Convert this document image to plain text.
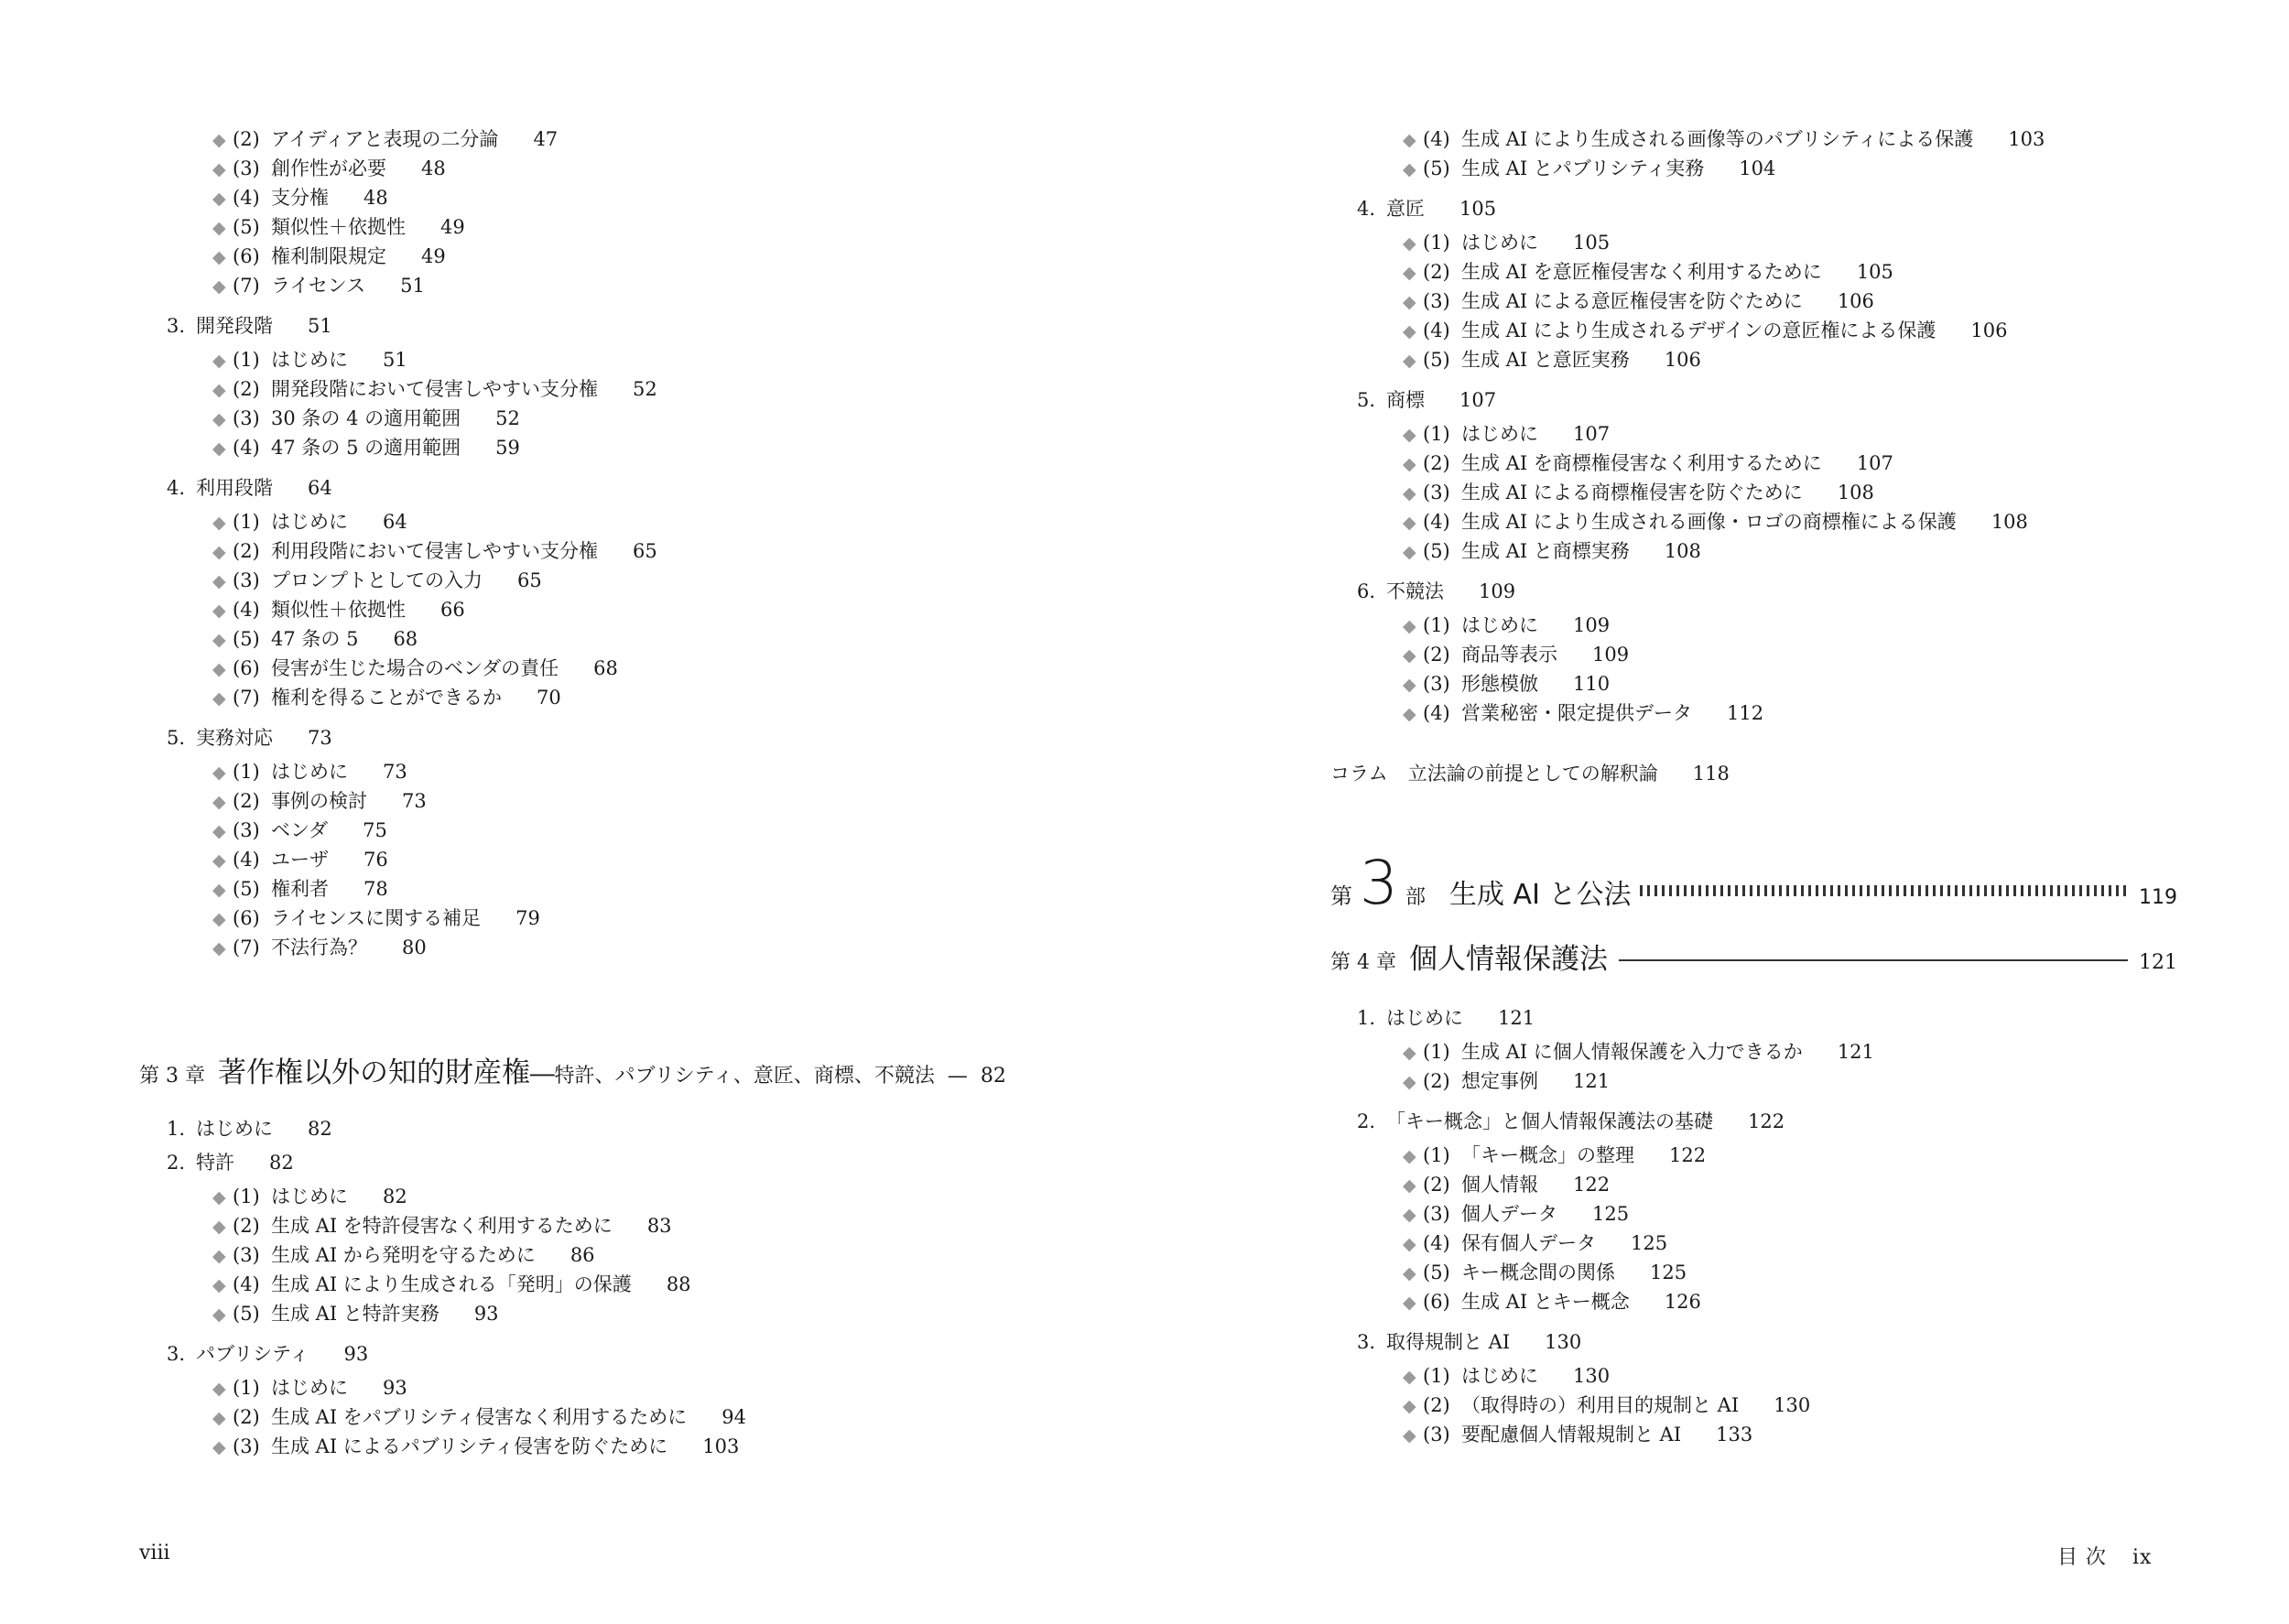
◆ (2) アイディアと表現の二分論 47
◆ (3) 創作性が必要 48
◆ (4) 支分権 48
◆ (5) 類似性＋依拠性 49
◆ (6) 権利制限規定 49
◆ (7) ライセンス 51
3. 開発段階 51
◆ (1) はじめに 51
◆ (2) 開発段階において侵害しやすい支分権 52
◆ (3) 30 条の 4 の適用範囲 52
◆ (4) 47 条の 5 の適用範囲 59
4. 利用段階 64
◆ (1) はじめに 64
◆ (2) 利用段階において侵害しやすい支分権 65
◆ (3) プロンプトとしての入力 65
◆ (4) 類似性＋依拠性 66
◆ (5) 47 条の 5 68
◆ (6) 侵害が生じた場合のベンダの責任 68
◆ (7) 権利を得ることができるか 70
5. 実務対応 73
◆ (1) はじめに 73
◆ (2) 事例の検討 73
◆ (3) ベンダ 75
◆ (4) ユーザ 76
◆ (5) 権利者 78
◆ (6) ライセンスに関する補足 79
◆ (7) 不法行為？ 80
第 3 章 著作権以外の知的財産権 ──特許、パブリシティ、意匠、商標、不競法 — 82
1. はじめに 82
2. 特許 82
◆ (1) はじめに 82
◆ (2) 生成 AI を特許侵害なく利用するために 83
◆ (3) 生成 AI から発明を守るために 86
◆ (4) 生成 AI により生成される「発明」の保護 88
◆ (5) 生成 AI と特許実務 93
3. パブリシティ 93
◆ (1) はじめに 93
◆ (2) 生成 AI をパブリシティ侵害なく利用するために 94
◆ (3) 生成 AI によるパブリシティ侵害を防ぐために 103
viii
◆ (4) 生成 AI により生成される画像等のパブリシティによる保護 103
◆ (5) 生成 AI とパブリシティ実務 104
4. 意匠 105
◆ (1) はじめに 105
◆ (2) 生成 AI を意匠権侵害なく利用するために 105
◆ (3) 生成 AI による意匠権侵害を防ぐために 106
◆ (4) 生成 AI により生成されるデザインの意匠権による保護 106
◆ (5) 生成 AI と意匠実務 106
5. 商標 107
◆ (1) はじめに 107
◆ (2) 生成 AI を商標権侵害なく利用するために 107
◆ (3) 生成 AI による商標権侵害を防ぐために 108
◆ (4) 生成 AI により生成される画像・ロゴの商標権による保護 108
◆ (5) 生成 AI と商標実務 108
6. 不競法 109
◆ (1) はじめに 109
◆ (2) 商品等表示 109
◆ (3) 形態模倣 110
◆ (4) 営業秘密・限定提供データ 112
コラム 立法論の前提としての解釈論 118
第 3 部 生成 AI と公法	119
第 4 章 個人情報保護法	121
1. はじめに 121
◆ (1) 生成 AI に個人情報保護を入力できるか 121
◆ (2) 想定事例 121
2. 「キー概念」と個人情報保護法の基礎 122
◆ (1) 「キー概念」の整理 122
◆ (2) 個人情報 122
◆ (3) 個人データ 125
◆ (4) 保有個人データ 125
◆ (5) キー概念間の関係 125
◆ (6) 生成 AI とキー概念 126
3. 取得規制と AI 130
◆ (1) はじめに 130
◆ (2) （取得時の）利用目的規制と AI 130
◆ (3) 要配慮個人情報規制と AI 133
目 次 ix
